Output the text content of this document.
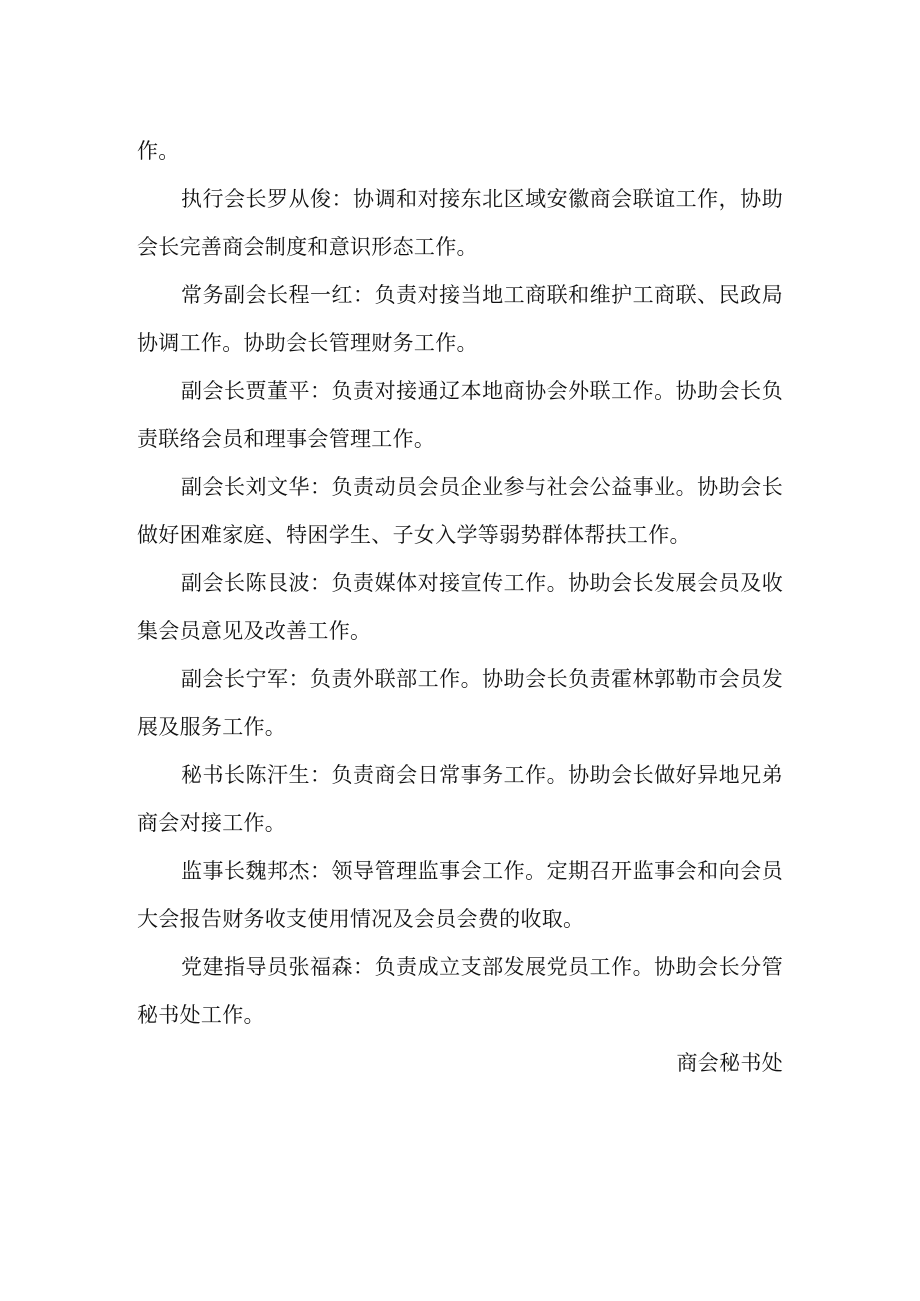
作。

执行会长罗从俊：协调和对接东北区域安徽商会联谊工作，协助会长完善商会制度和意识形态工作。

常务副会长程一红：负责对接当地工商联和维护工商联、民政局协调工作。协助会长管理财务工作。

副会长贾董平：负责对接通辽本地商协会外联工作。协助会长负责联络会员和理事会管理工作。

副会长刘文华：负责动员会员企业参与社会公益事业。协助会长做好困难家庭、特困学生、子女入学等弱势群体帮扶工作。

副会长陈艮波：负责媒体对接宣传工作。协助会长发展会员及收集会员意见及改善工作。

副会长宁军：负责外联部工作。协助会长负责霍林郭勒市会员发展及服务工作。

秘书长陈汗生：负责商会日常事务工作。协助会长做好异地兄弟商会对接工作。

监事长魏邦杰：领导管理监事会工作。定期召开监事会和向会员大会报告财务收支使用情况及会员会费的收取。

党建指导员张福森：负责成立支部发展党员工作。协助会长分管秘书处工作。

商会秘书处
